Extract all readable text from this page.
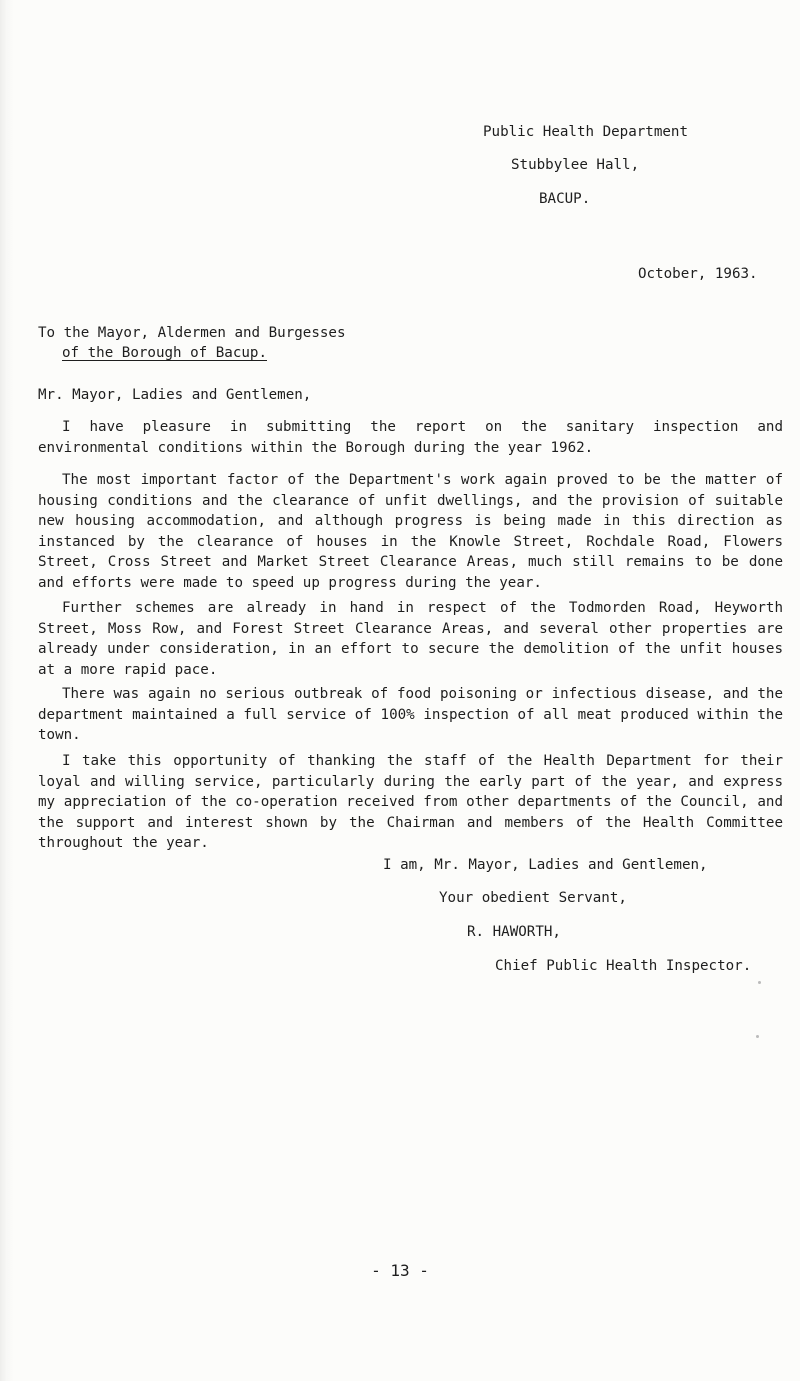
Public Health Department
Stubbylee Hall,
BACUP.
October, 1963.
To the Mayor, Aldermen and Burgesses
of the Borough of Bacup.
Mr. Mayor, Ladies and Gentlemen,
I have pleasure in submitting the report on the sanitary inspection and environmental conditions within the Borough during the year 1962.
The most important factor of the Department's work again proved to be the matter of housing conditions and the clearance of unfit dwellings, and the provision of suitable new housing accommodation, and although progress is being made in this direction as instanced by the clearance of houses in the Knowle Street, Rochdale Road, Flowers Street, Cross Street and Market Street Clearance Areas, much still remains to be done and efforts were made to speed up progress during the year.
Further schemes are already in hand in respect of the Todmorden Road, Heyworth Street, Moss Row, and Forest Street Clearance Areas, and several other properties are already under consideration, in an effort to secure the demolition of the unfit houses at a more rapid pace.
There was again no serious outbreak of food poisoning or infectious disease, and the department maintained a full service of 100% inspection of all meat produced within the town.
I take this opportunity of thanking the staff of the Health Department for their loyal and willing service, particularly during the early part of the year, and express my appreciation of the co-operation received from other departments of the Council, and the support and interest shown by the Chairman and members of the Health Committee throughout the year.
I am, Mr. Mayor, Ladies and Gentlemen,
Your obedient Servant,
R. HAWORTH,
Chief Public Health Inspector.
- 13 -
